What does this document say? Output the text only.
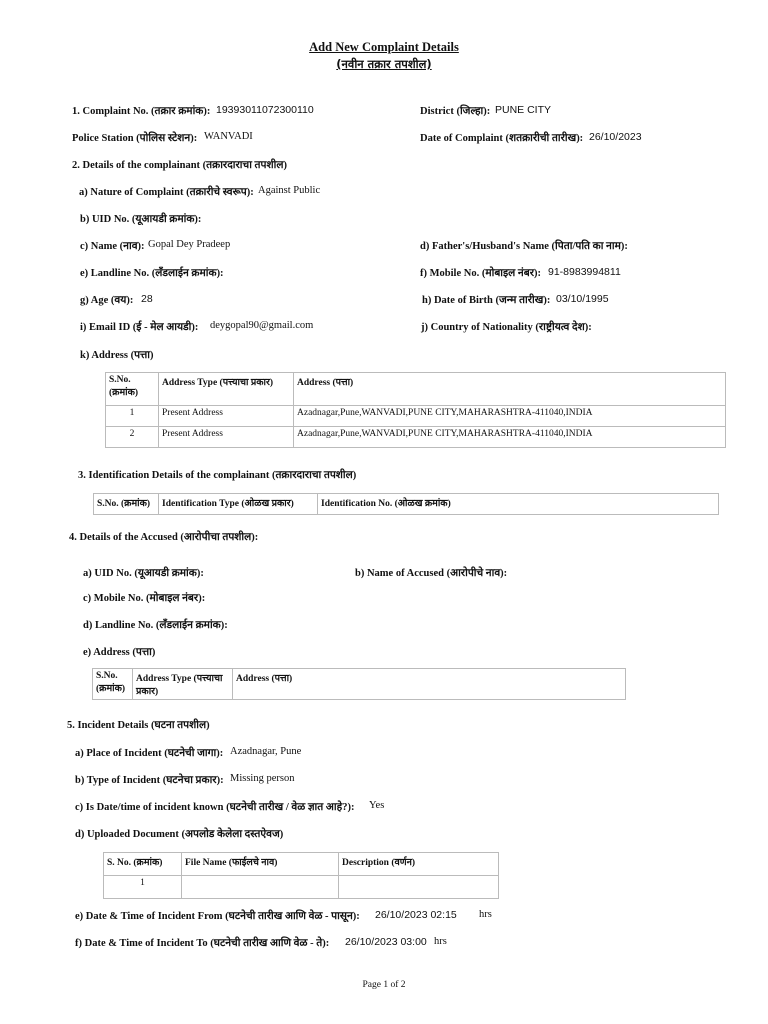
Add New Complaint Details
(नवीन तक्रार तपशील)
1. Complaint No. (तक्रार क्रमांक): 19393011072300110	District (जिल्हा): PUNE CITY
Police Station (पोलिस स्टेशन): WANVADI	Date of Complaint (शतक्रारीची तारीख): 26/10/2023
2. Details of the complainant (तक्रारदाराचा तपशील)
a) Nature of Complaint (तक्रारीचे स्वरूप): Against Public
b) UID No. (यूआयडी क्रमांक):
c) Name (नाव): Gopal Dey Pradeep	d) Father's/Husband's Name (पिता/पति का नाम):
e) Landline No. (लँडलाईन क्रमांक):	f) Mobile No. (मोबाइल नंबर): 91-8983994811
g) Age (वय): 28	h) Date of Birth (जन्म तारीख): 03/10/1995
i) Email ID (ई - मेल आयडी): deygopal90@gmail.com	j) Country of Nationality (राष्ट्रीयत्व देश):
k) Address (पत्ता)
S.No. (क्रमांक)	Address Type (पत्त्याचा प्रकार)	Address (पत्ता)
1	Present Address	Azadnagar,Pune,WANVADI,PUNE CITY,MAHARASHTRA-411040,INDIA
2	Present Address	Azadnagar,Pune,WANVADI,PUNE CITY,MAHARASHTRA-411040,INDIA
3. Identification Details of the complainant (तक्रारदाराचा तपशील)
S.No. (क्रमांक)	Identification Type (ओळख प्रकार)	Identification No. (ओळख क्रमांक)
4. Details of the Accused (आरोपीचा तपशील):
a) UID No. (यूआयडी क्रमांक):	b) Name of Accused (आरोपीचे नाव):
c) Mobile No. (मोबाइल नंबर):
d) Landline No. (लँडलाईन क्रमांक):
e) Address (पत्ता)
S.No. (क्रमांक)	Address Type (पत्त्याचा प्रकार)	Address (पत्ता)
5. Incident Details (घटना तपशील)
a) Place of Incident (घटनेची जागा): Azadnagar, Pune
b) Type of Incident (घटनेचा प्रकार): Missing person
c) Is Date/time of incident known (घटनेची तारीख / वेळ ज्ञात आहे?): Yes
d) Uploaded Document (अपलोड केलेला दस्तऐवज)
S. No. (क्रमांक)	File Name (फाईलचे नाव)	Description (वर्णन)
1		
e) Date & Time of Incident From (घटनेची तारीख आणि वेळ - पासून): 26/10/2023 02:15 hrs
f) Date & Time of Incident To (घटनेची तारीख आणि वेळ - ते): 26/10/2023 03:00 hrs
Page 1 of 2
